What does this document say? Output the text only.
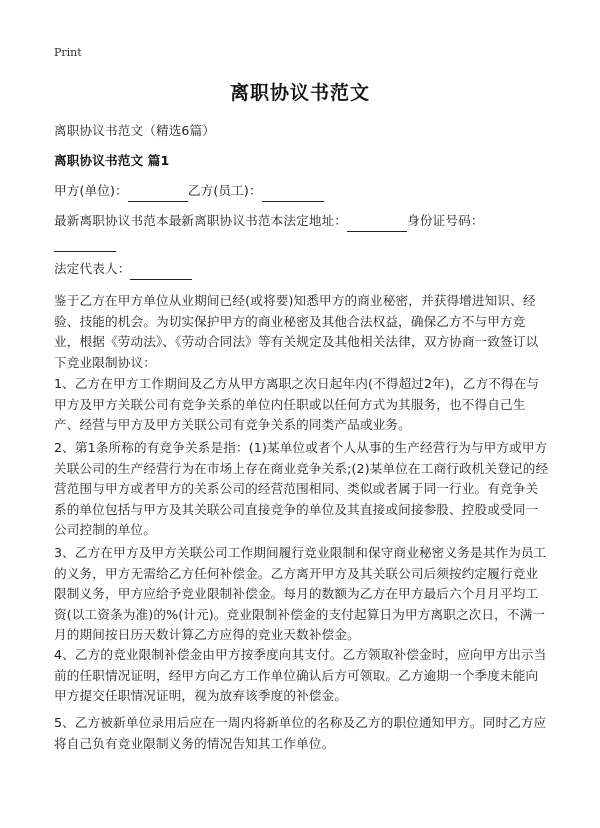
Print
离职协议书范文
离职协议书范文（精选6篇）
离职协议书范文 篇1
甲方(单位)：	乙方(员工)：
最新离职协议书范本最新离职协议书范本法定地址：	身份证号码：
法定代表人：
鉴于乙方在甲方单位从业期间已经(或将要)知悉甲方的商业秘密，并获得增进知识、经验、技能的机会。为切实保护甲方的商业秘密及其他合法权益，确保乙方不与甲方竞业，根据《劳动法》、《劳动合同法》等有关规定及其他相关法律，双方协商一致签订以下竞业限制协议：
1、乙方在甲方工作期间及乙方从甲方离职之次日起年内(不得超过2年)，乙方不得在与甲方及甲方关联公司有竞争关系的单位内任职或以任何方式为其服务，也不得自己生产、经营与甲方及甲方关联公司有竞争关系的同类产品或业务。
2、第1条所称的有竞争关系是指：(1)某单位或者个人从事的生产经营行为与甲方或甲方关联公司的生产经营行为在市场上存在商业竞争关系;(2)某单位在工商行政机关登记的经营范围与甲方或者甲方的关系公司的经营范围相同、类似或者属于同一行业。有竞争关系的单位包括与甲方及其关联公司直接竞争的单位及其直接或间接参股、控股或受同一公司控制的单位。
3、乙方在甲方及甲方关联公司工作期间履行竞业限制和保守商业秘密义务是其作为员工的义务，甲方无需给乙方任何补偿金。乙方离开甲方及其关联公司后须按约定履行竞业限制义务，甲方应给予竞业限制补偿金。每月的数额为乙方在甲方最后六个月月平均工资(以工资条为准)的%(计元)。竞业限制补偿金的支付起算日为甲方离职之次日，不满一月的期间按日历天数计算乙方应得的竞业天数补偿金。
4、乙方的竞业限制补偿金由甲方按季度向其支付。乙方领取补偿金时，应向甲方出示当前的任职情况证明，经甲方向乙方工作单位确认后方可领取。乙方逾期一个季度未能向甲方提交任职情况证明，视为放弃该季度的补偿金。
5、乙方被新单位录用后应在一周内将新单位的名称及乙方的职位通知甲方。同时乙方应将自己负有竞业限制义务的情况告知其工作单位。
